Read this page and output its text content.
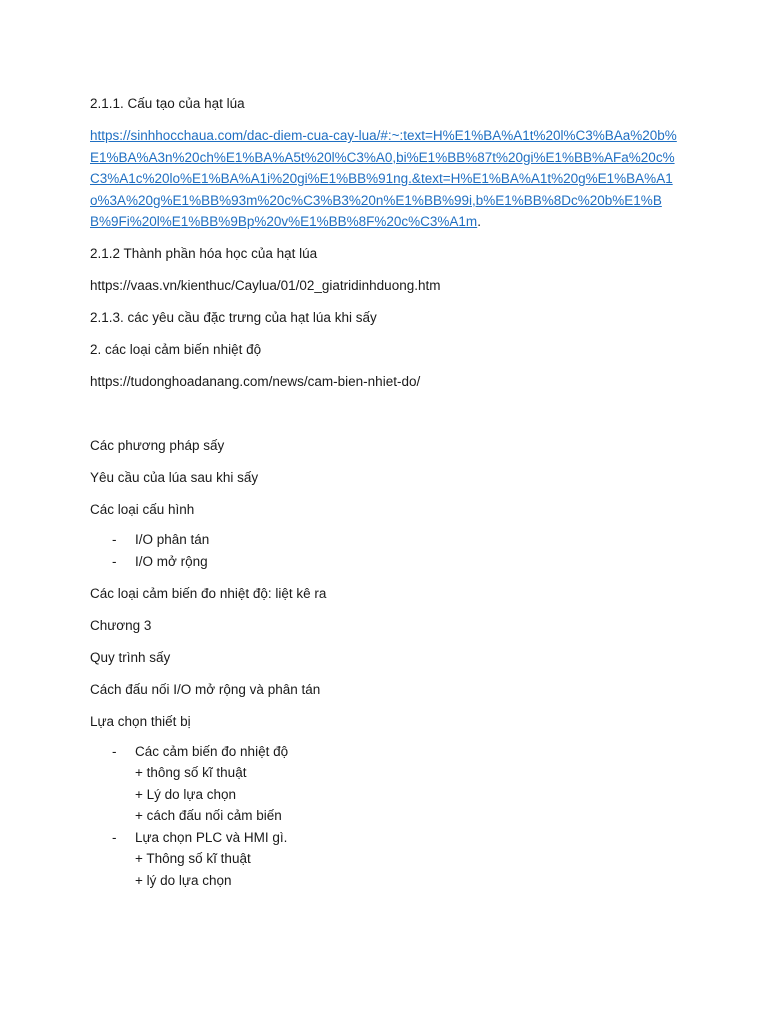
2.1.1. Cấu tạo của hạt lúa

https://sinhhocchaua.com/dac-diem-cua-cay-lua/#:~:text=H%E1%BA%A1t%20l%C3%BAa%20b%E1%BA%A3n%20ch%E1%BA%A5t%20l%C3%A0,bi%E1%BB%87t%20gi%E1%BB%AFa%20c%C3%A1c%20lo%E1%BA%A1i%20gi%E1%BB%91ng.&text=H%E1%BA%A1t%20g%E1%BA%A1o%3A%20g%E1%BB%93m%20c%C3%B3%20n%E1%BB%99i,b%E1%BB%8Dc%20b%E1%BB%9Fi%20l%E1%BB%9Bp%20v%E1%BB%8F%20c%C3%A1m.

2.1.2 Thành phần hóa học của hạt lúa

https://vaas.vn/kienthuc/Caylua/01/02_giatridinhduong.htm

2.1.3. các yêu cầu đặc trưng của hạt lúa khi sấy

2. các loại cảm biến nhiệt độ

https://tudonghoadanang.com/news/cam-bien-nhiet-do/

Các phương pháp sấy

Yêu cầu của lúa sau khi sấy

Các loại cấu hình

- I/O phân tán
- I/O mở rộng

Các loại cảm biến đo nhiệt độ: liệt kê ra

Chương 3

Quy trình sấy

Cách đấu nối I/O mở rộng và phân tán

Lựa chọn thiết bị

- Các cảm biến đo nhiệt độ
+ thông số kĩ thuật
+ Lý do lựa chọn
+ cách đấu nối cảm biến
- Lựa chọn PLC và HMI gì.
+ Thông số kĩ thuật
+ lý do lựa chọn
